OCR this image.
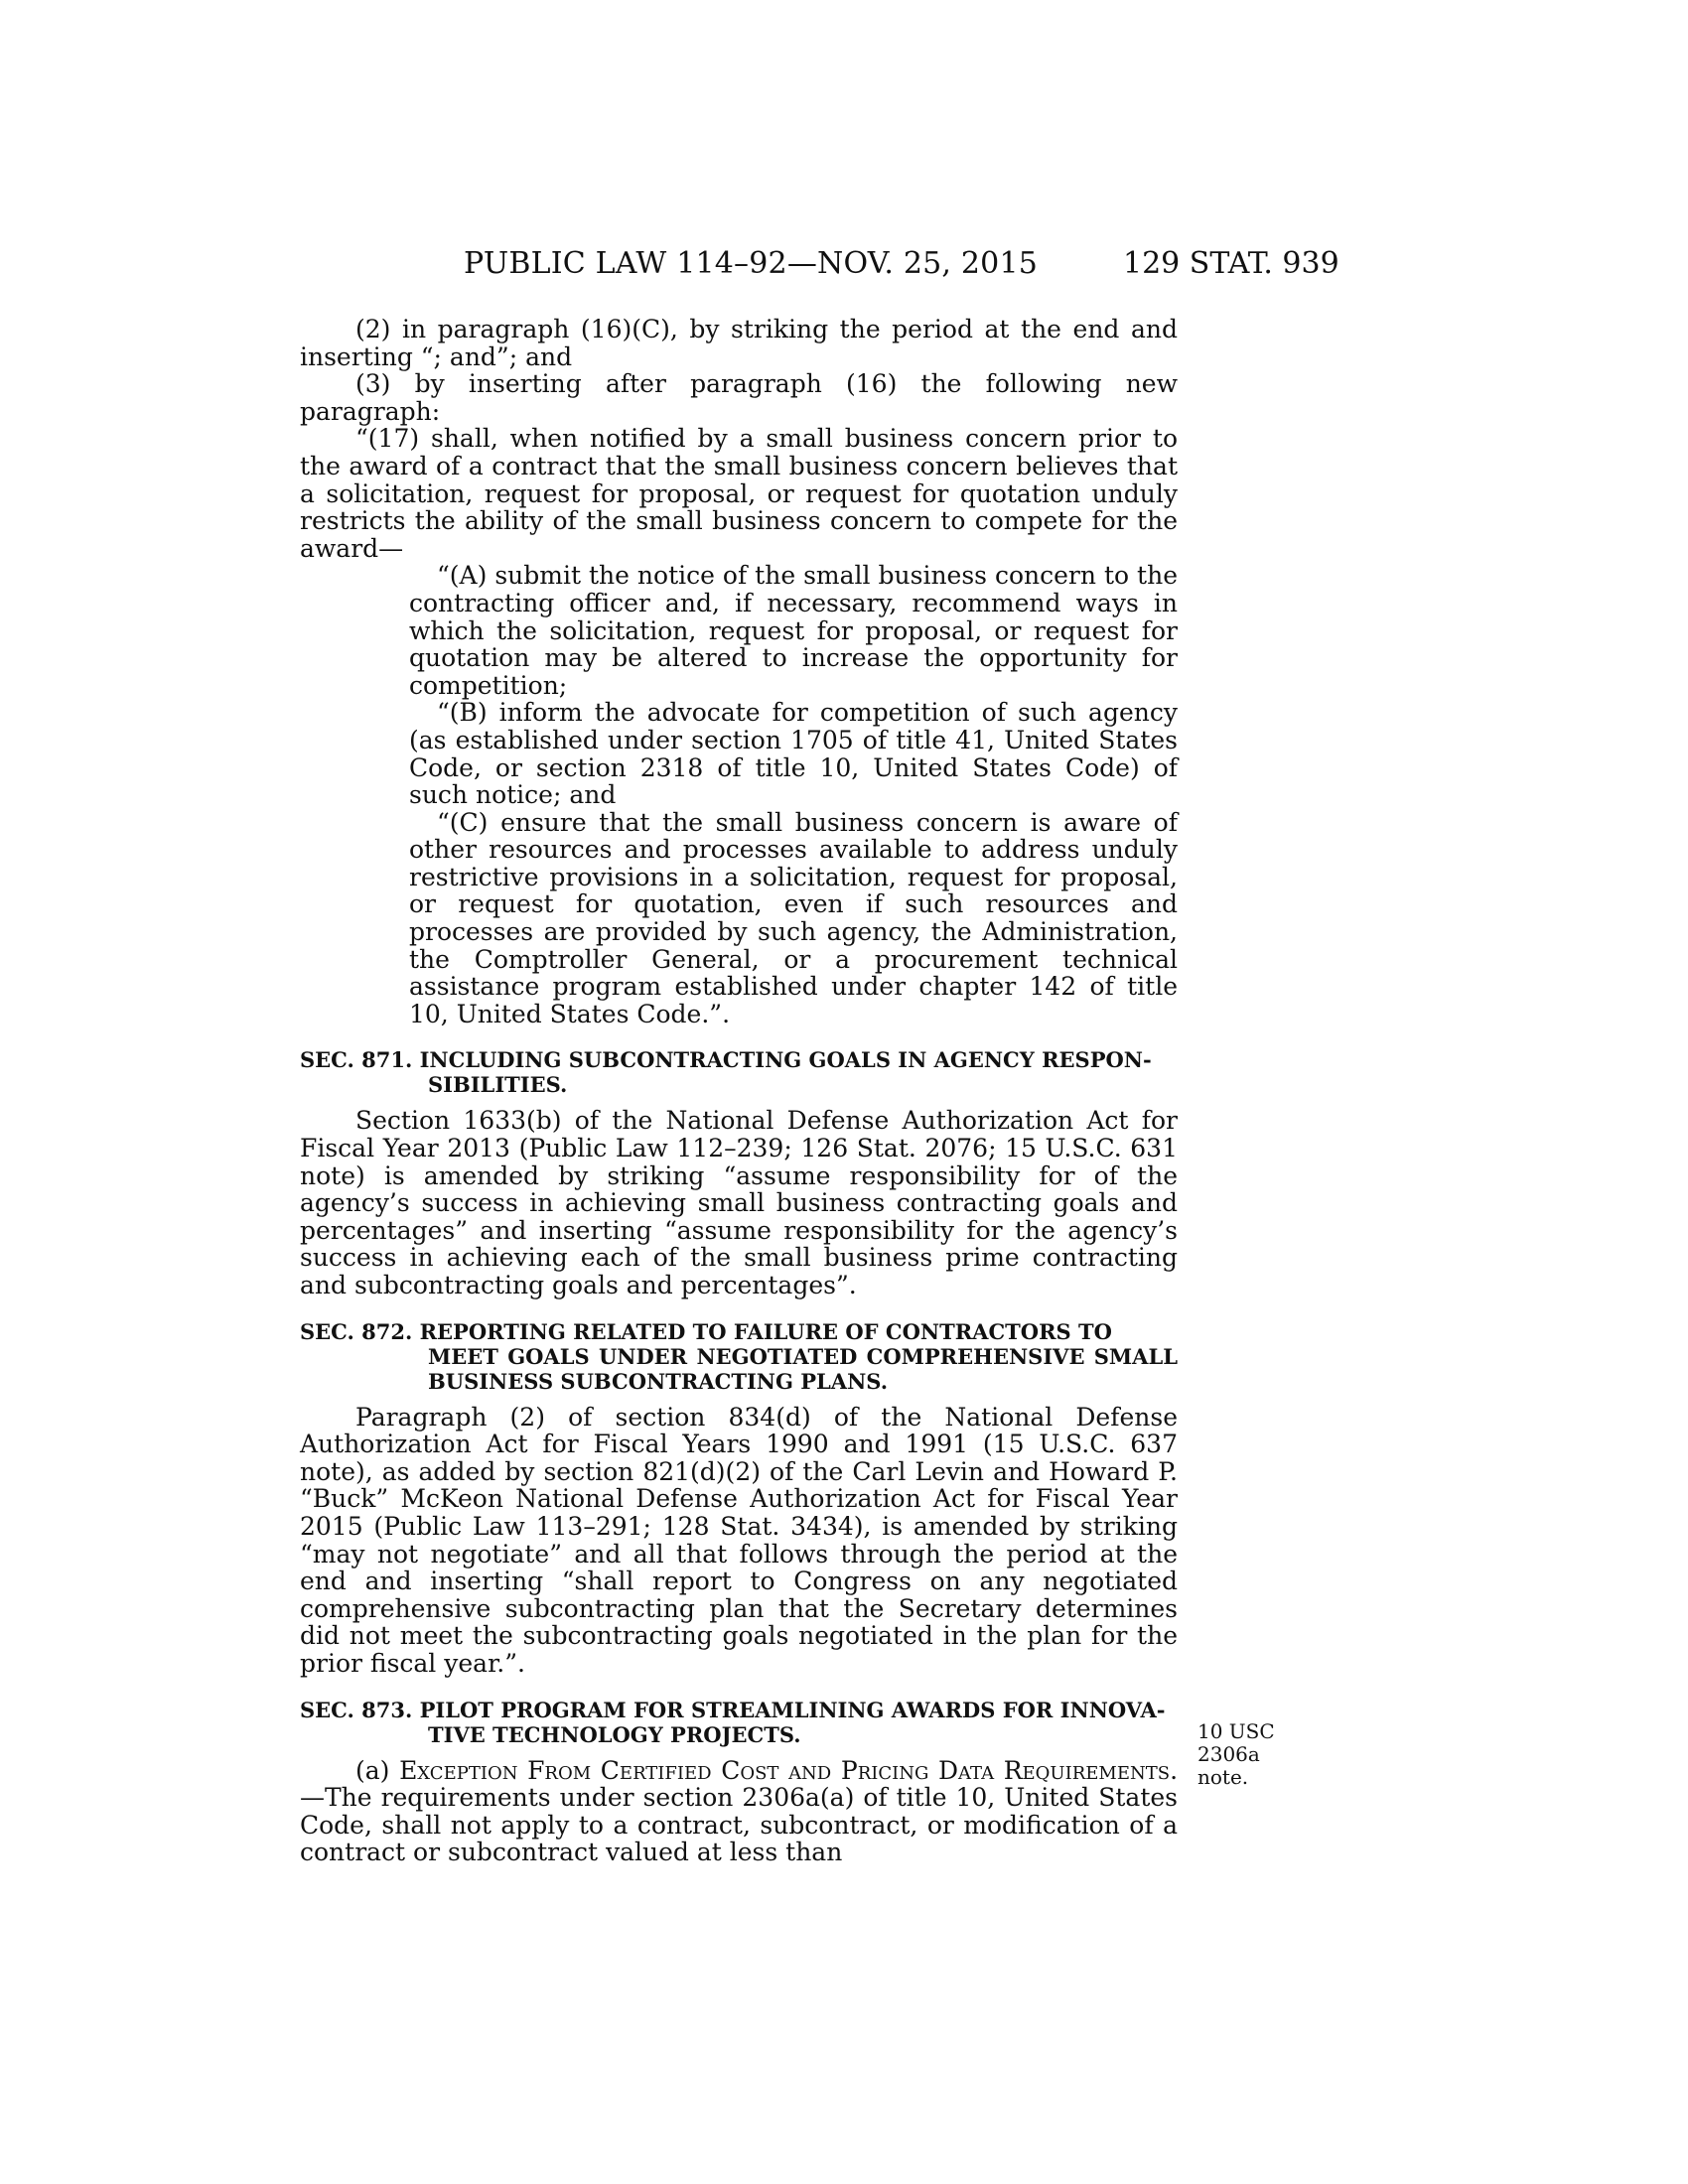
PUBLIC LAW 114–92—NOV. 25, 2015	129 STAT. 939

(2) in paragraph (16)(C), by striking the period at the end and inserting “; and”; and

(3) by inserting after paragraph (16) the following new paragraph:

“(17) shall, when notified by a small business concern prior to the award of a contract that the small business concern believes that a solicitation, request for proposal, or request for quotation unduly restricts the ability of the small business concern to compete for the award—

“(A) submit the notice of the small business concern to the contracting officer and, if necessary, recommend ways in which the solicitation, request for proposal, or request for quotation may be altered to increase the opportunity for competition;

“(B) inform the advocate for competition of such agency (as established under section 1705 of title 41, United States Code, or section 2318 of title 10, United States Code) of such notice; and

“(C) ensure that the small business concern is aware of other resources and processes available to address unduly restrictive provisions in a solicitation, request for proposal, or request for quotation, even if such resources and processes are provided by such agency, the Administration, the Comptroller General, or a procurement technical assistance program established under chapter 142 of title 10, United States Code.”.

SEC. 871. INCLUDING SUBCONTRACTING GOALS IN AGENCY RESPON-
SIBILITIES.

Section 1633(b) of the National Defense Authorization Act for Fiscal Year 2013 (Public Law 112–239; 126 Stat. 2076; 15 U.S.C. 631 note) is amended by striking “assume responsibility for of the agency’s success in achieving small business contracting goals and percentages” and inserting “assume responsibility for the agency’s success in achieving each of the small business prime contracting and subcontracting goals and percentages”.

SEC. 872. REPORTING RELATED TO FAILURE OF CONTRACTORS TO
MEET GOALS UNDER NEGOTIATED COMPREHENSIVE SMALL BUSINESS SUBCONTRACTING PLANS.

Paragraph (2) of section 834(d) of the National Defense Authorization Act for Fiscal Years 1990 and 1991 (15 U.S.C. 637 note), as added by section 821(d)(2) of the Carl Levin and Howard P. “Buck” McKeon National Defense Authorization Act for Fiscal Year 2015 (Public Law 113–291; 128 Stat. 3434), is amended by striking “may not negotiate” and all that follows through the period at the end and inserting “shall report to Congress on any negotiated comprehensive subcontracting plan that the Secretary determines did not meet the subcontracting goals negotiated in the plan for the prior fiscal year.”.

SEC. 873. PILOT PROGRAM FOR STREAMLINING AWARDS FOR INNOVA-
TIVE TECHNOLOGY PROJECTS.

(a) Exception From Certified Cost and Pricing Data Requirements.—The requirements under section 2306a(a) of title 10, United States Code, shall not apply to a contract, subcontract, or modification of a contract or subcontract valued at less than

10 USC 2306a
note.
